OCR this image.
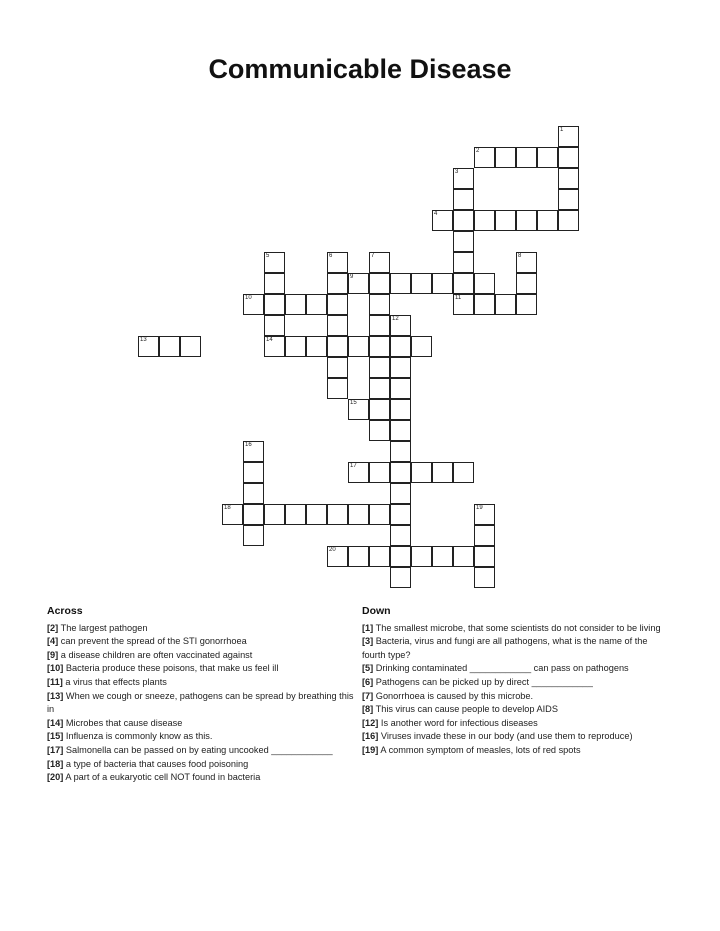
Communicable Disease
1
2
3
4
5	6	7	8
9
10	11
12
13	14
15
16
17
18	19
20
Across
[2] The largest pathogen
[4] can prevent the spread of the STI gonorrhoea
[9] a disease children are often vaccinated against
[10] Bacteria produce these poisons, that make us feel ill
[11] a virus that effects plants
[13] When we cough or sneeze, pathogens can be spread by breathing this in
[14] Microbes that cause disease
[15] Influenza is commonly know as this.
[17] Salmonella can be passed on by eating uncooked ____________
[18] a type of bacteria that causes food poisoning
[20] A part of a eukaryotic cell NOT found in bacteria
Down
[1] The smallest microbe, that some scientists do not consider to be living
[3] Bacteria, virus and fungi are all pathogens, what is the name of the fourth type?
[5] Drinking contaminated ____________ can pass on pathogens
[6] Pathogens can be picked up by direct ____________
[7] Gonorrhoea is caused by this microbe.
[8] This virus can cause people to develop AIDS
[12] Is another word for infectious diseases
[16] Viruses invade these in our body (and use them to reproduce)
[19] A common symptom of measles, lots of red spots
